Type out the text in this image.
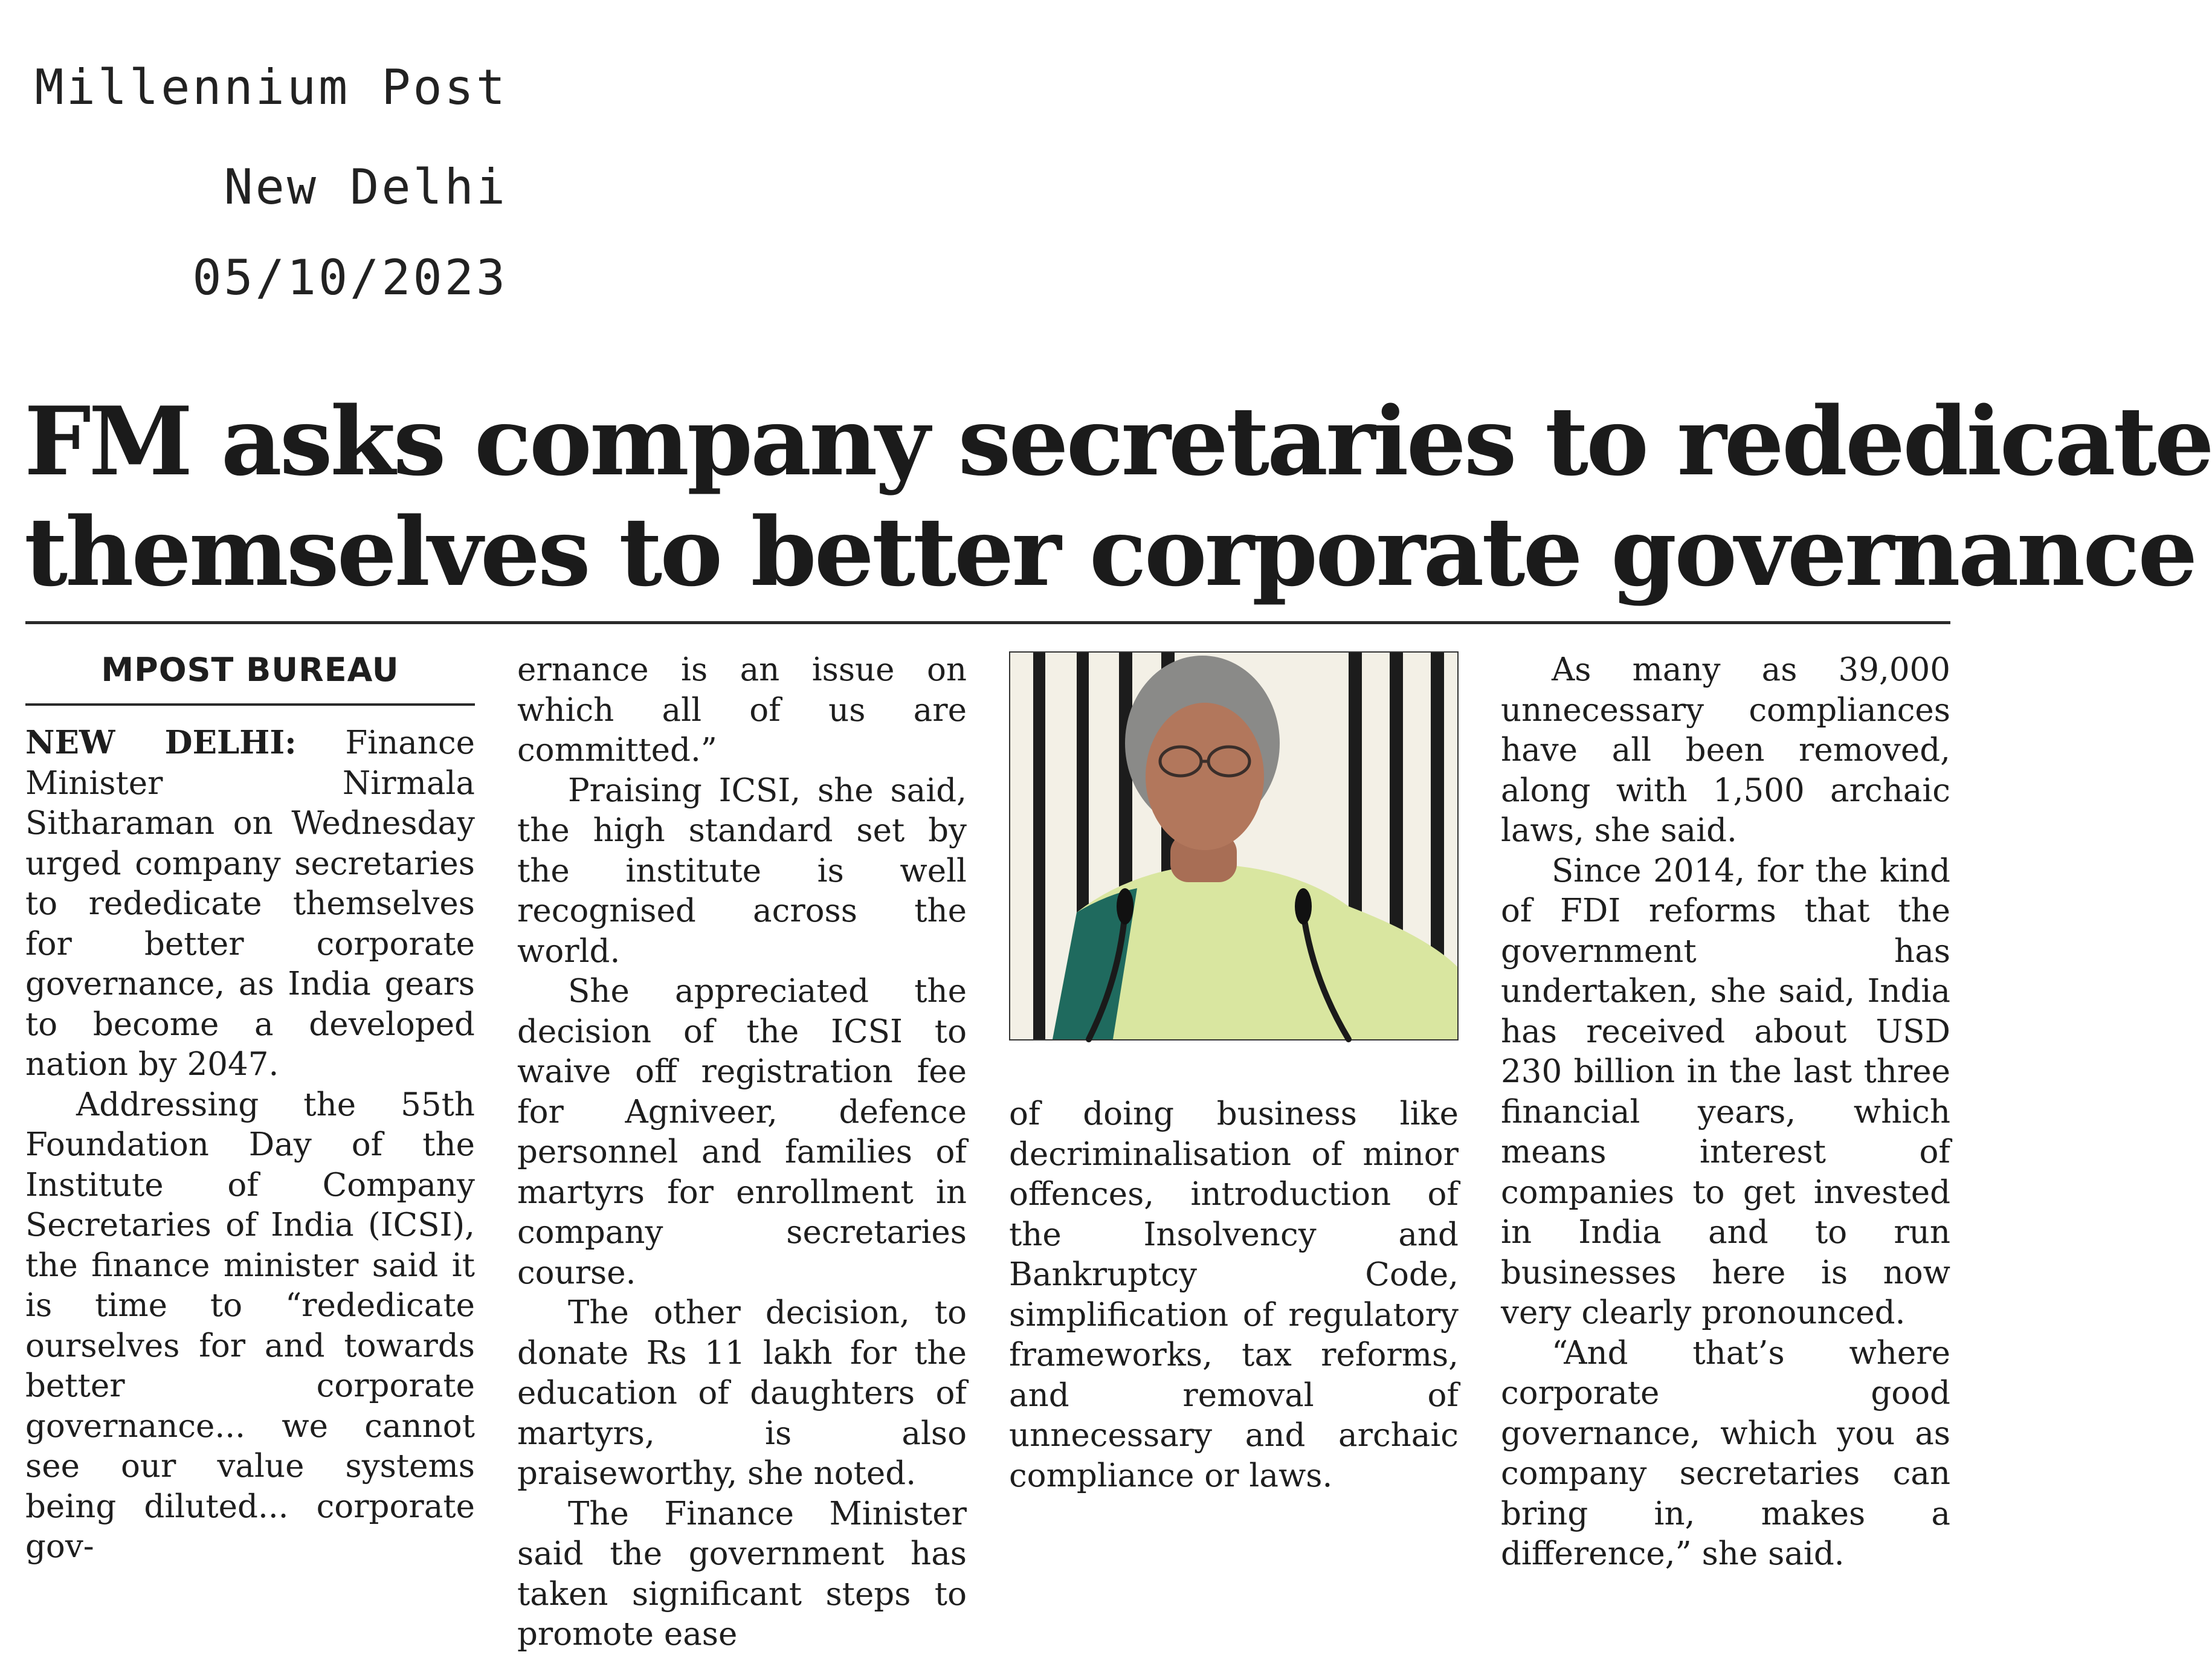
Millennium Post
New Delhi
05/10/2023
FM asks company secretaries to rededicate
themselves to better corporate governance
MPOST BUREAU

NEW DELHI: Finance Minister Nirmala Sitharaman on Wednesday urged company secretaries to rededicate themselves for better corporate governance, as India gears to become a developed nation by 2047.

Addressing the 55th Foundation Day of the Institute of Company Secretaries of India (ICSI), the finance minister said it is time to “rededicate ourselves for and towards better corporate governance... we cannot see our value systems being diluted... corporate gov-

ernance is an issue on which all of us are committed.”

Praising ICSI, she said, the high standard set by the institute is well recognised across the world.

She appreciated the decision of the ICSI to waive off registration fee for Agniveer, defence personnel and families of martyrs for enrollment in company secretaries course.

The other decision, to donate Rs 11 lakh for the education of daughters of martyrs, is also praiseworthy, she noted.

The Finance Minister said the government has taken significant steps to promote ease

of doing business like decriminalisation of minor offences, introduction of the Insolvency and Bankruptcy Code, simplification of regulatory frameworks, tax reforms, and removal of unnecessary and archaic compliance or laws.

As many as 39,000 unnecessary compliances have all been removed, along with 1,500 archaic laws, she said.

Since 2014, for the kind of FDI reforms that the government has undertaken, she said, India has received about USD 230 billion in the last three financial years, which means interest of companies to get invested in India and to run businesses here is now very clearly pronounced.

“And that’s where corporate good governance, which you as company secretaries can bring in, makes a difference,” she said.
